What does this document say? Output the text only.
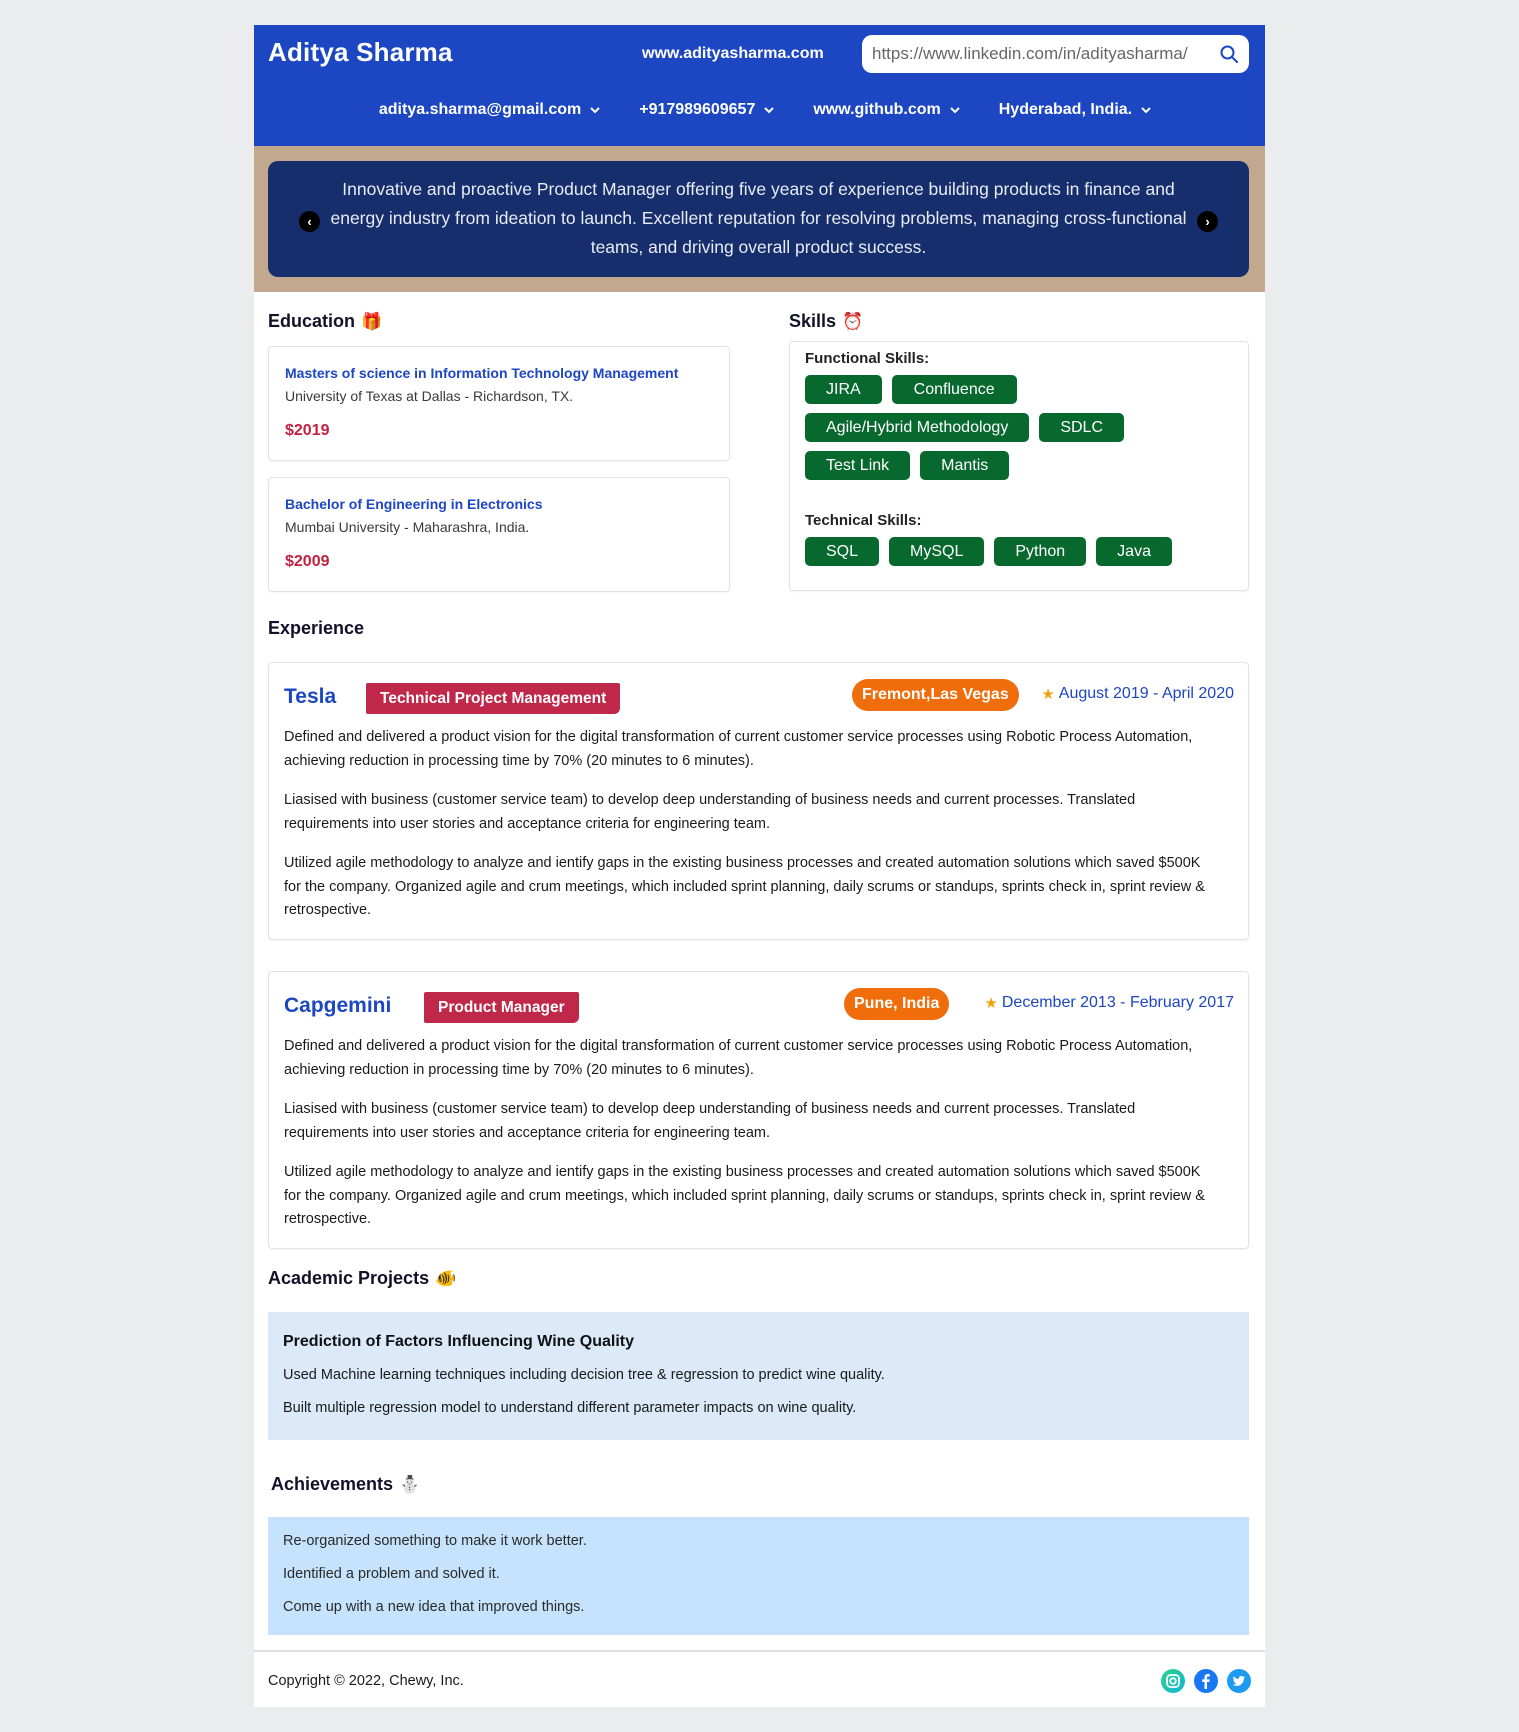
Aditya Sharma	www.adityasharma.com
https://www.linkedin.com/in/adityasharma/
aditya.sharma@gmail.com	+917989609657	www.github.com	Hyderabad, India.
‹

Innovative and proactive Product Manager offering five years of experience building products in finance and energy industry from ideation to launch. Excellent reputation for resolving problems, managing cross-functional teams, and driving overall product success.

›
Education 🎁
Masters of science in Information Technology Management
University of Texas at Dallas - Richardson, TX.
$2019
Bachelor of Engineering in Electronics
Mumbai University - Maharashra, India.
$2009
Skills ⏰
Functional Skills:
JIRA	Confluence
Agile/Hybrid Methodology	SDLC
Test Link	Mantis
Technical Skills:
SQL	MySQL	Python	Java
Experience
Tesla	Technical Project Management	Fremont,Las Vegas	★ August 2019 - April 2020

Defined and delivered a product vision for the digital transformation of current customer service processes using Robotic Process Automation, achieving reduction in processing time by 70% (20 minutes to 6 minutes).

Liasised with business (customer service team) to develop deep understanding of business needs and current processes. Translated requirements into user stories and acceptance criteria for engineering team.

Utilized agile methodology to analyze and ientify gaps in the existing business processes and created automation solutions which saved $500K for the company. Organized agile and crum meetings, which included sprint planning, daily scrums or standups, sprints check in, sprint review & retrospective.

Capgemini	Product Manager	Pune, India	★ December 2013 - February 2017

Defined and delivered a product vision for the digital transformation of current customer service processes using Robotic Process Automation, achieving reduction in processing time by 70% (20 minutes to 6 minutes).

Liasised with business (customer service team) to develop deep understanding of business needs and current processes. Translated requirements into user stories and acceptance criteria for engineering team.

Utilized agile methodology to analyze and ientify gaps in the existing business processes and created automation solutions which saved $500K for the company. Organized agile and crum meetings, which included sprint planning, daily scrums or standups, sprints check in, sprint review & retrospective.

Academic Projects 🐠
Prediction of Factors Influencing Wine Quality
Used Machine learning techniques including decision tree & regression to predict wine quality.
Built multiple regression model to understand different parameter impacts on wine quality.
Achievements ⛄
Re-organized something to make it work better.
Identified a problem and solved it.
Come up with a new idea that improved things.
Copyright © 2022, Chewy, Inc.
